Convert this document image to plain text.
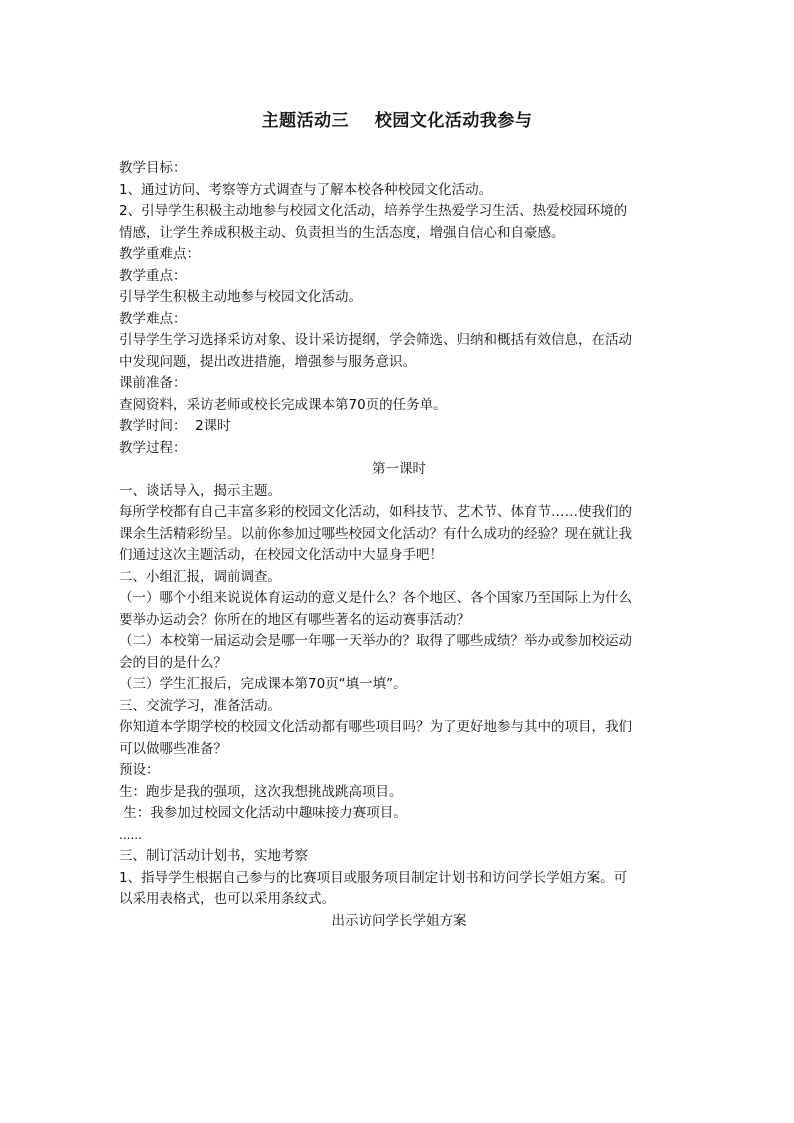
主题活动三    校园文化活动我参与
教学目标：
1、通过访问、考察等方式调查与了解本校各种校园文化活动。
2、引导学生积极主动地参与校园文化活动，培养学生热爱学习生活、热爱校园环境的
情感，让学生养成积极主动、负责担当的生活态度，增强自信心和自豪感。
教学重难点：
教学重点：
引导学生积极主动地参与校园文化活动。
教学难点：
引导学生学习选择采访对象、设计采访提纲，学会筛选、归纳和概括有效信息，在活动
中发现问题，提出改进措施，增强参与服务意识。
课前准备：
查阅资料，采访老师或校长完成课本第70页的任务单。
教学时间：  2课时
教学过程：
第一课时
一、谈话导入，揭示主题。
每所学校都有自己丰富多彩的校园文化活动，如科技节、艺术节、体育节……使我们的
课余生活精彩纷呈。以前你参加过哪些校园文化活动？有什么成功的经验？现在就让我
们通过这次主题活动，在校园文化活动中大显身手吧！
二、小组汇报，调前调查。
（一）哪个小组来说说体育运动的意义是什么？各个地区、各个国家乃至国际上为什么
要举办运动会？你所在的地区有哪些著名的运动赛事活动？
（二）本校第一届运动会是哪一年哪一天举办的？取得了哪些成绩？举办或参加校运动
会的目的是什么？
（三）学生汇报后，完成课本第70页“填一填”。
三、交流学习，准备活动。
你知道本学期学校的校园文化活动都有哪些项目吗？为了更好地参与其中的项目，我们
可以做哪些准备？
预设：
生：跑步是我的强项，这次我想挑战跳高项目。
生：我参加过校园文化活动中趣味接力赛项目。
......
三、制订活动计划书，实地考察
1、指导学生根据自己参与的比赛项目或服务项目制定计划书和访问学长学姐方案。可
以采用表格式，也可以采用条纹式。
出示访问学长学姐方案
